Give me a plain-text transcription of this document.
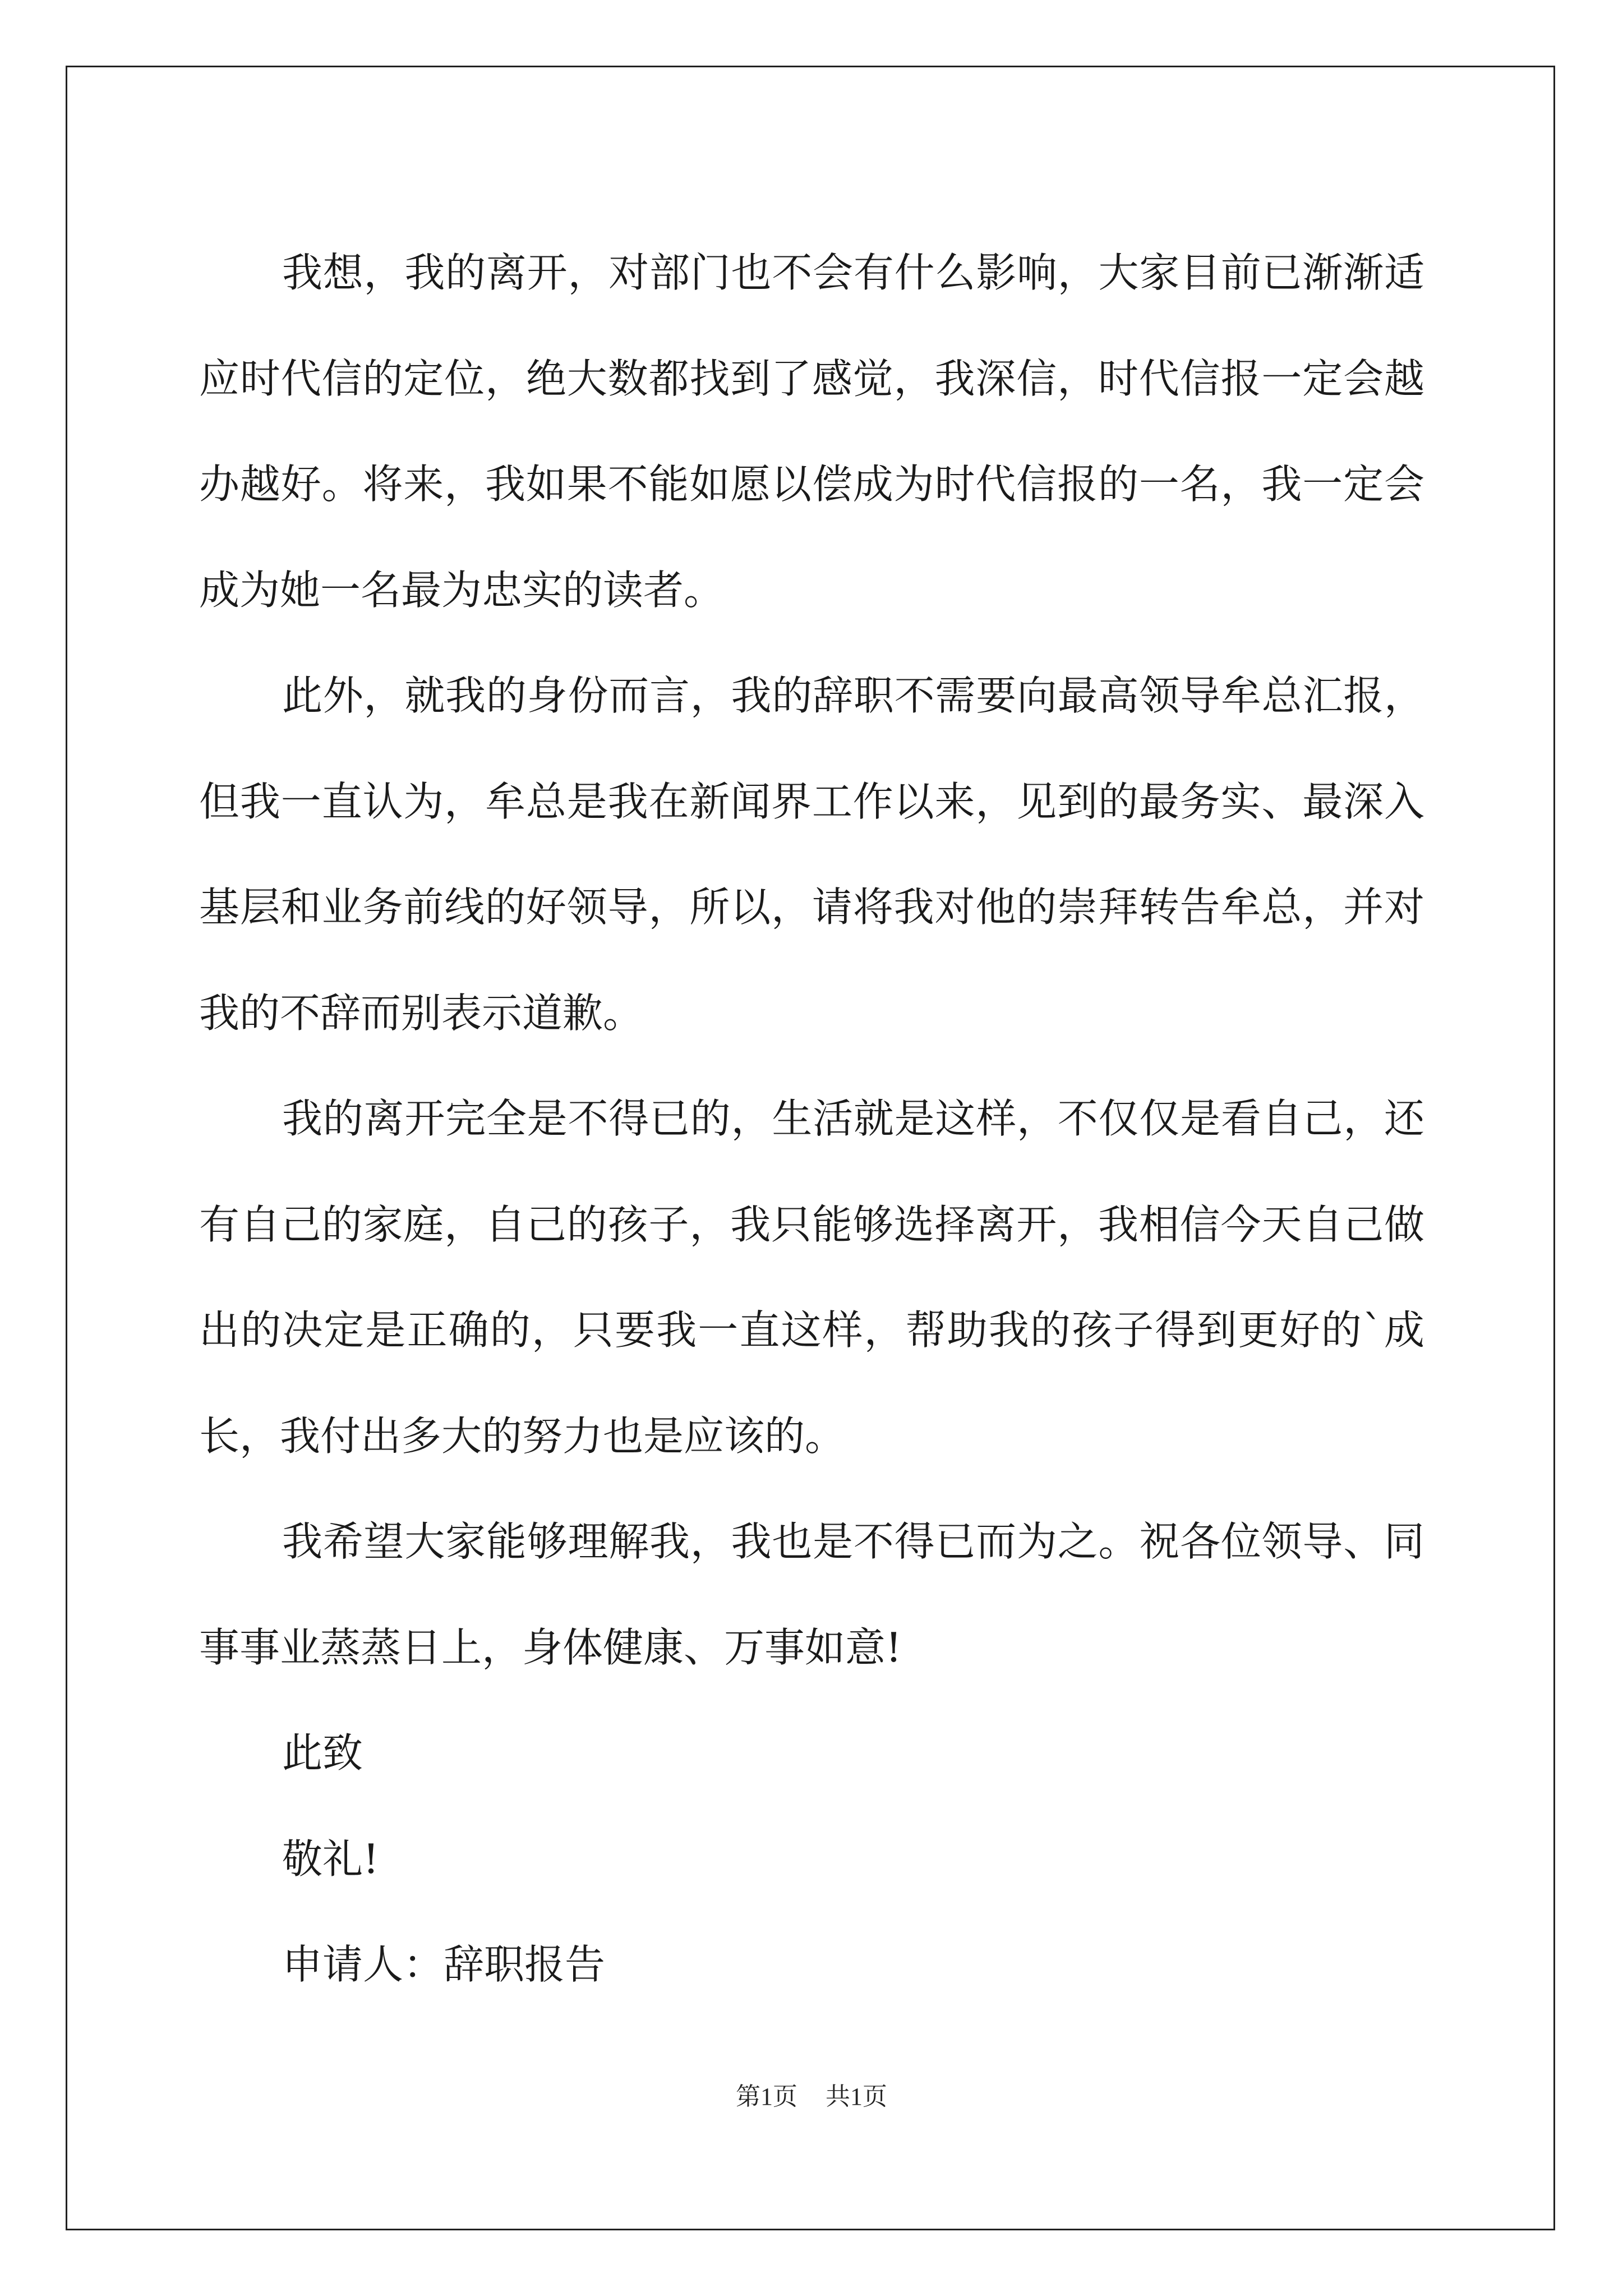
我想，我的离开，对部门也不会有什么影响，大家目前已渐渐适应时代信的定位，绝大数都找到了感觉，我深信，时代信报一定会越办越好。将来，我如果不能如愿以偿成为时代信报的一名，我一定会成为她一名最为忠实的读者。

此外，就我的身份而言，我的辞职不需要向最高领导牟总汇报，但我一直认为，牟总是我在新闻界工作以来，见到的最务实、最深入基层和业务前线的好领导，所以，请将我对他的崇拜转告牟总，并对我的不辞而别表示道歉。

我的离开完全是不得已的，生活就是这样，不仅仅是看自己，还有自己的家庭，自己的孩子，我只能够选择离开，我相信今天自己做出的决定是正确的，只要我一直这样，帮助我的孩子得到更好的`成长，我付出多大的努力也是应该的。

我希望大家能够理解我，我也是不得已而为之。祝各位领导、同事事业蒸蒸日上，身体健康、万事如意!

此致

敬礼!

申请人：辞职报告

第1页 共1页
